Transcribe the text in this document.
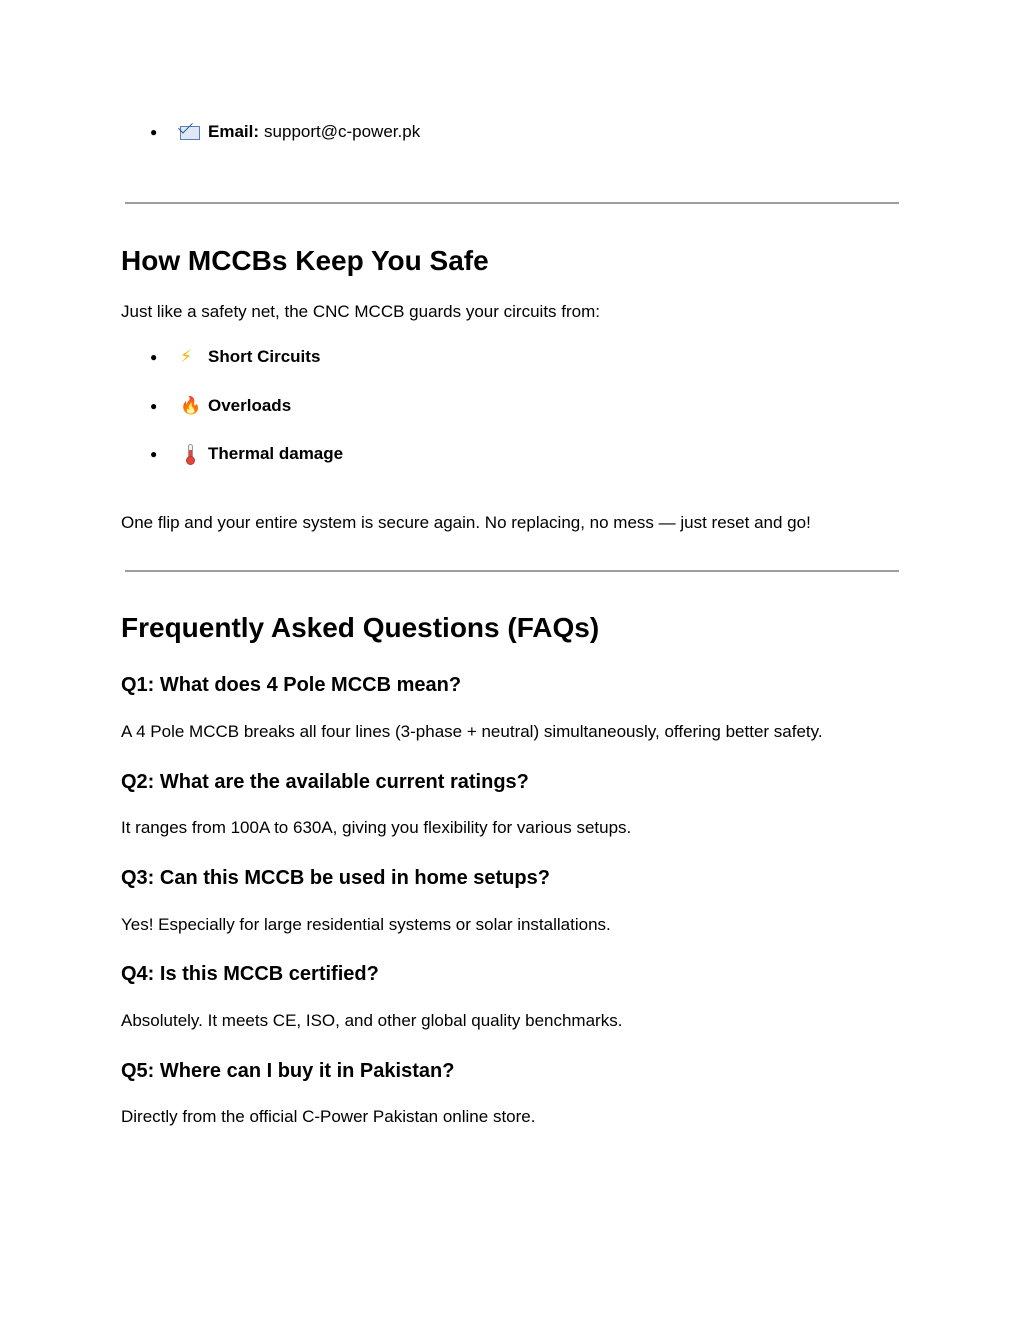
●	Email: support@c-power.pk
How MCCBs Keep You Safe

Just like a safety net, the CNC MCCB guards your circuits from:

●	⚡ Short Circuits
●	🔥 Overloads
●	Thermal damage

One flip and your entire system is secure again. No replacing, no mess — just reset and go!

Frequently Asked Questions (FAQs)
Q1: What does 4 Pole MCCB mean?

A 4 Pole MCCB breaks all four lines (3-phase + neutral) simultaneously, offering better safety.

Q2: What are the available current ratings?

It ranges from 100A to 630A, giving you flexibility for various setups.

Q3: Can this MCCB be used in home setups?

Yes! Especially for large residential systems or solar installations.

Q4: Is this MCCB certified?

Absolutely. It meets CE, ISO, and other global quality benchmarks.

Q5: Where can I buy it in Pakistan?

Directly from the official C-Power Pakistan online store.
